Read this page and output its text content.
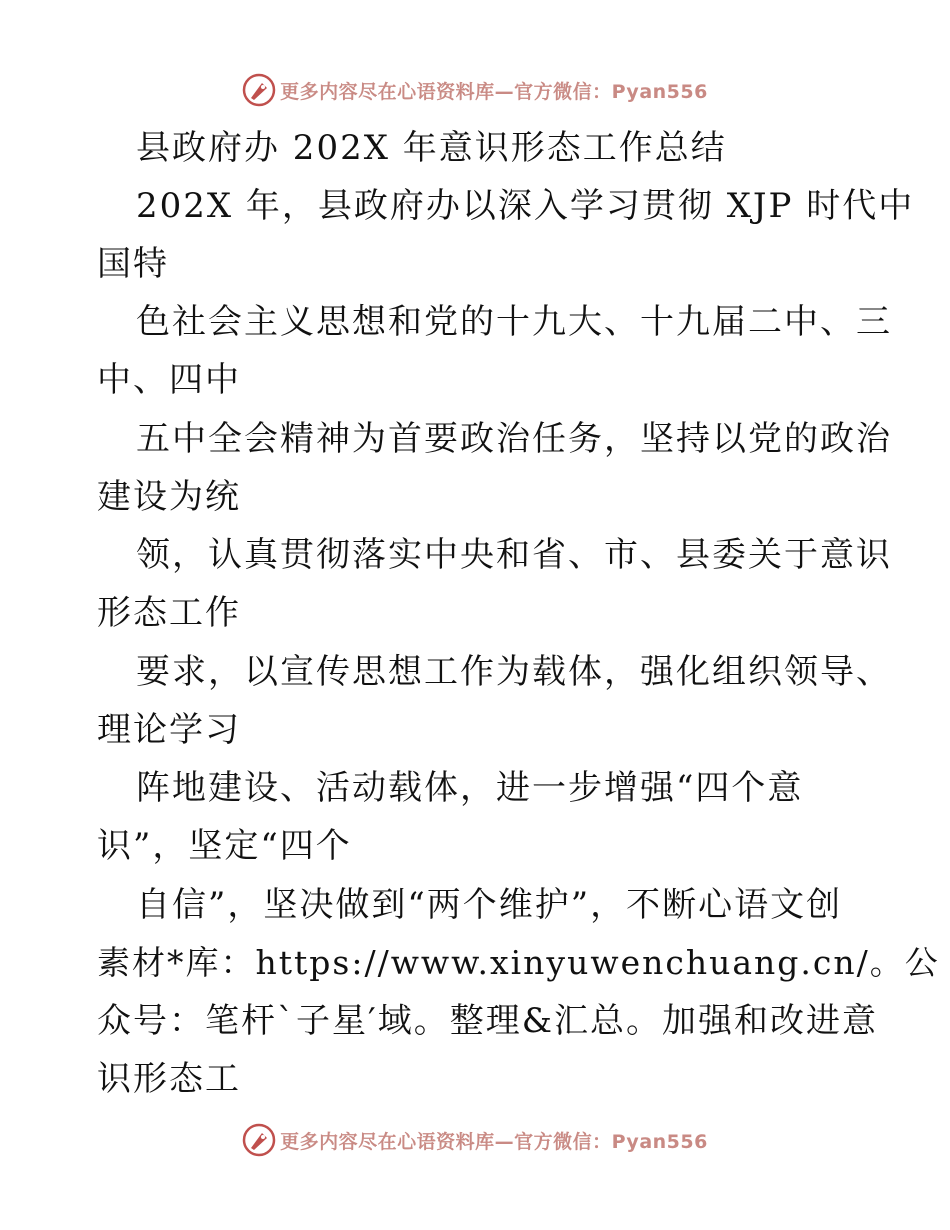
更多内容尽在心语资料库—官方微信：Pyan556
县政府办 202X 年意识形态工作总结
202X 年，县政府办以深入学习贯彻 XJP 时代中
国特
色社会主义思想和党的十九大、十九届二中、三
中、四中
五中全会精神为首要政治任务，坚持以党的政治
建设为统
领，认真贯彻落实中央和省、市、县委关于意识
形态工作
要求，以宣传思想工作为载体，强化组织领导、
理论学习
阵地建设、活动载体，进一步增强“四个意
识”，坚定“四个
自信”，坚决做到“两个维护”，不断心语文创
素材*库：https://www.xinyuwenchuang.cn/。公
众号：笔杆`子星′域。整理&汇总。加强和改进意
识形态工
更多内容尽在心语资料库—官方微信：Pyan556
